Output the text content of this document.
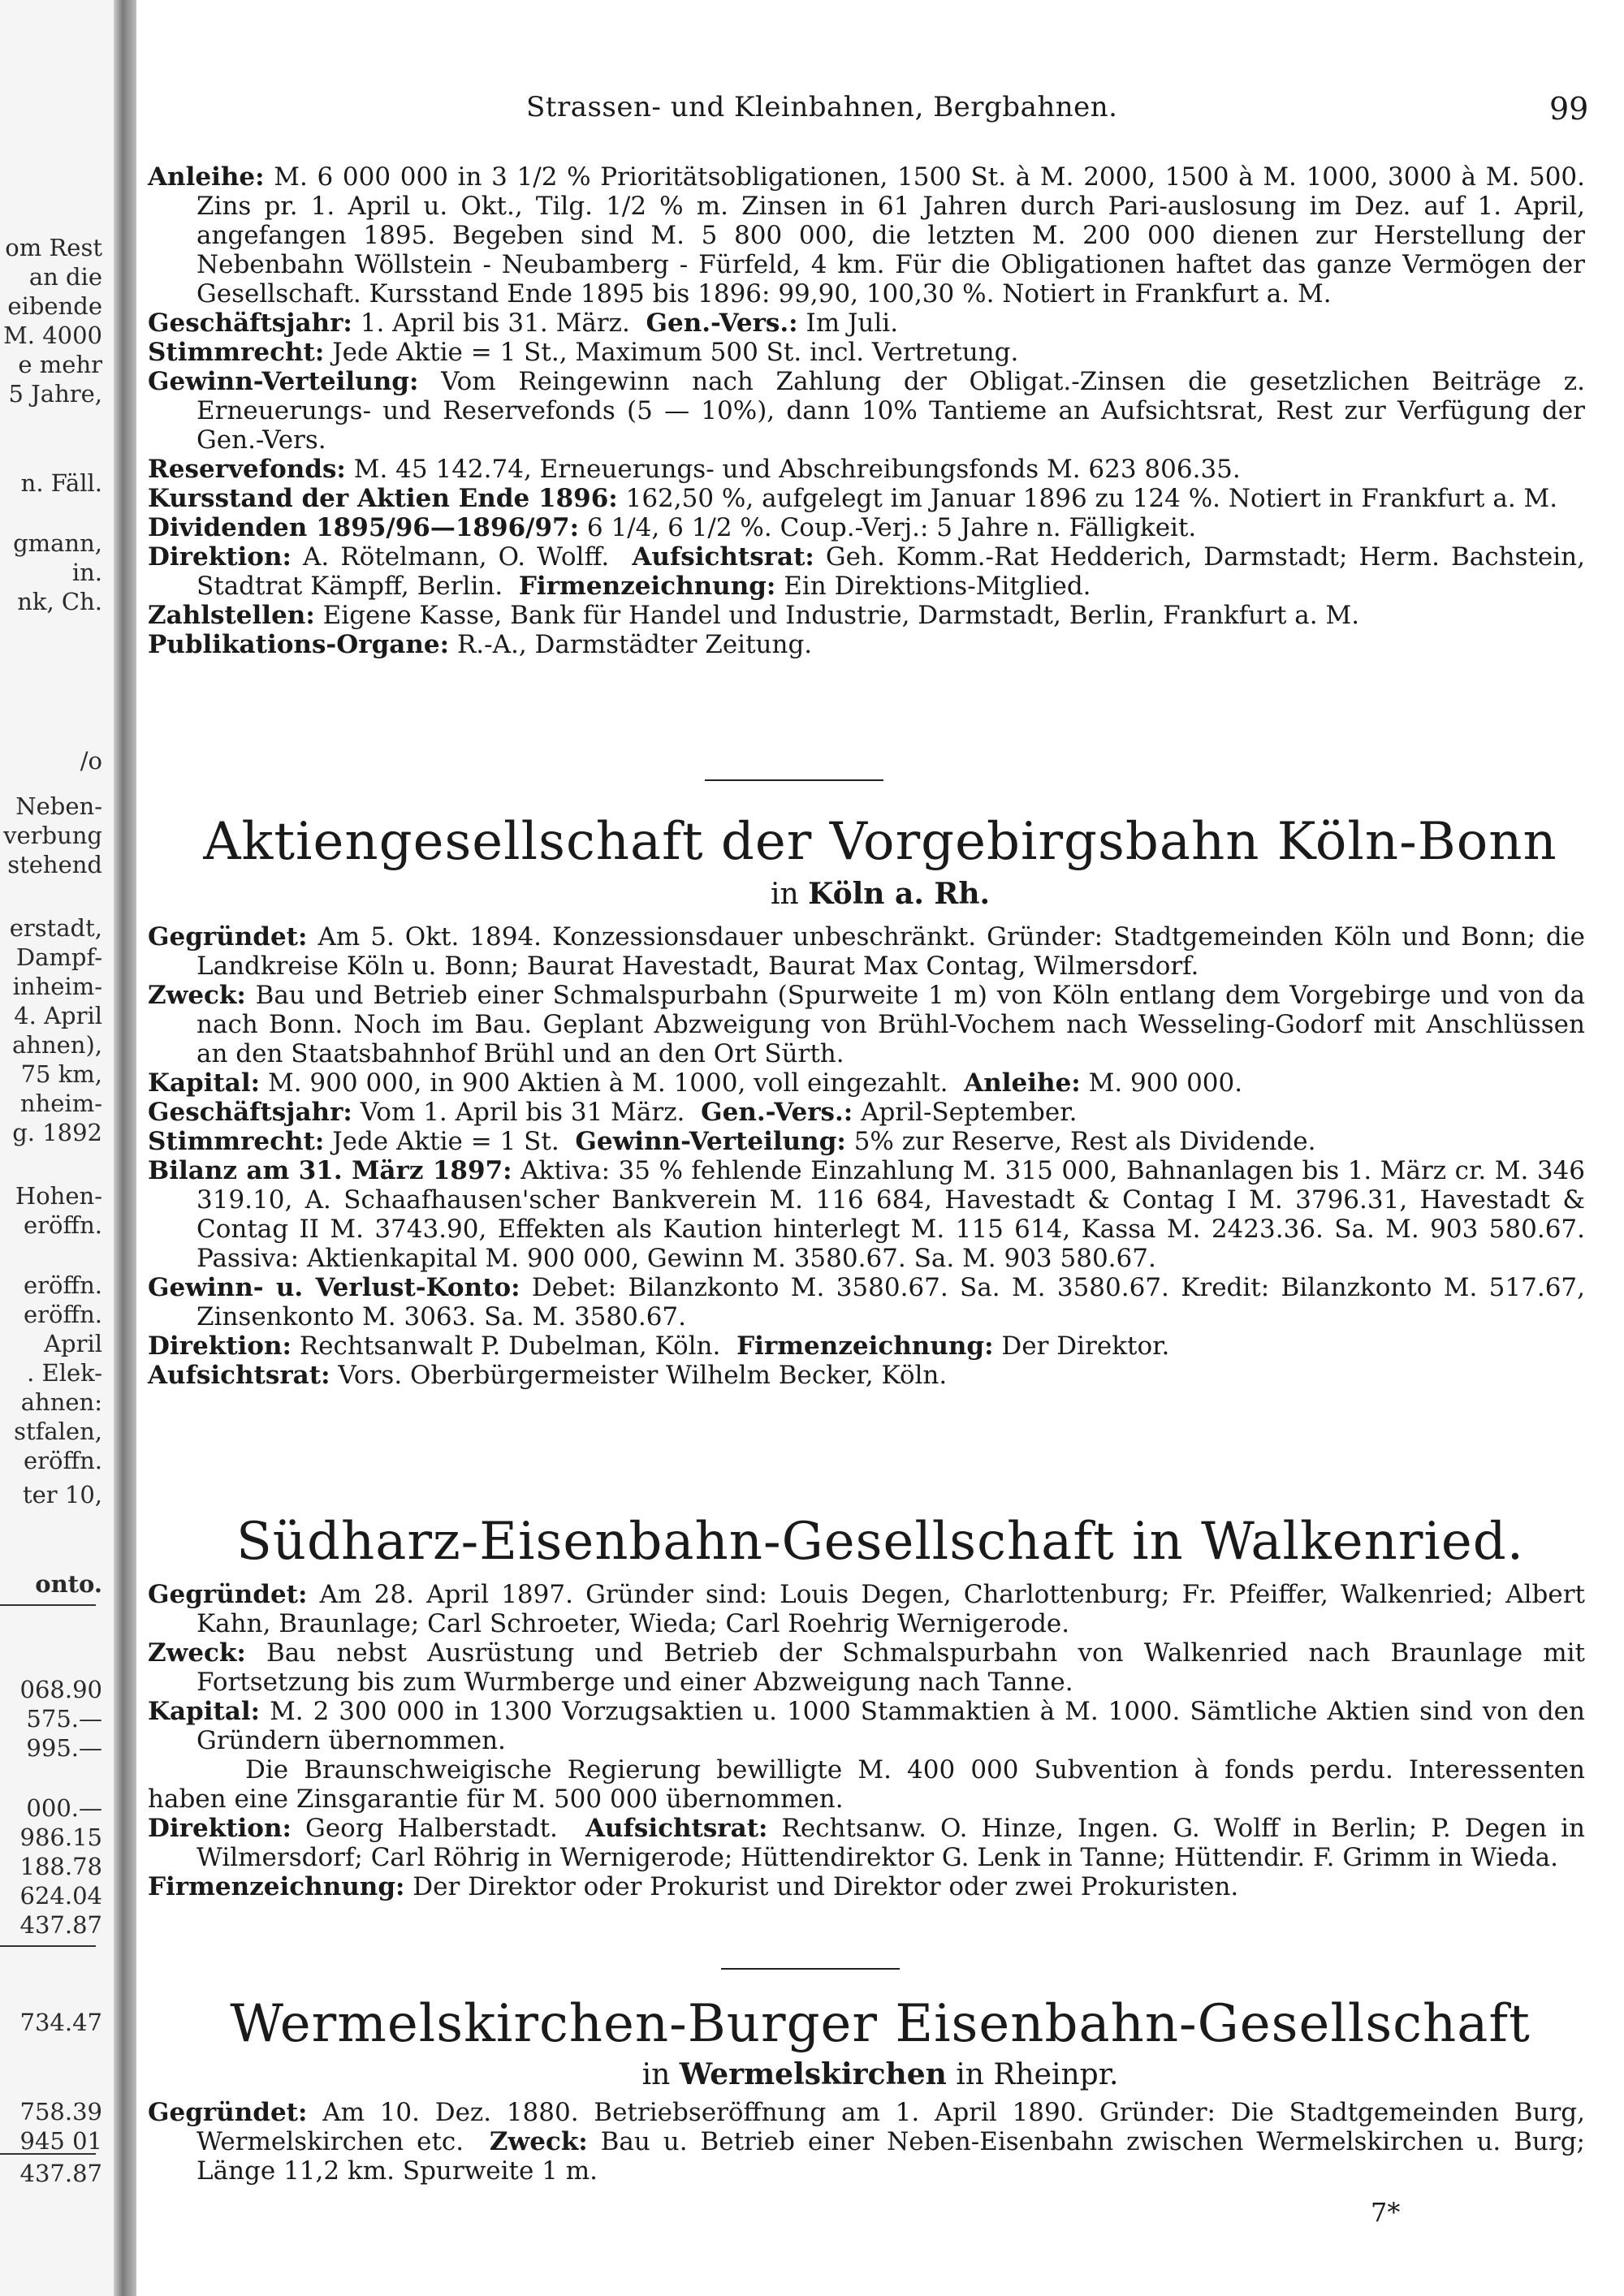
om Rest
an die
eibende
M. 4000
e mehr
5 Jahre,
n. Fäll.
gmann,
in.
nk, Ch.
/o
Neben-
verbung
stehend
erstadt,
Dampf-
inheim-
4. April
ahnen),
75 km,
nheim-
g. 1892
Hohen-
eröffn.
eröffn.
eröffn.
April
. Elek-
ahnen:
stfalen,
eröffn.
ter 10,
onto.
068.90
575.—
995.—
000.—
986.15
188.78
624.04
437.87
734.47
758.39
945 01
437.87
Strassen- und Kleinbahnen, Bergbahnen.	99

Anleihe: M. 6 000 000 in 3 1/2 % Prioritätsobligationen, 1500 St. à M. 2000, 1500 à M. 1000, 3000 à M. 500. Zins pr. 1. April u. Okt., Tilg. 1/2 % m. Zinsen in 61 Jahren durch Pari-auslosung im Dez. auf 1. April, angefangen 1895. Begeben sind M. 5 800 000, die letzten M. 200 000 dienen zur Herstellung der Nebenbahn Wöllstein - Neubamberg - Fürfeld, 4 km. Für die Obligationen haftet das ganze Vermögen der Gesellschaft. Kursstand Ende 1895 bis 1896: 99,90, 100,30 %. Notiert in Frankfurt a. M.

Geschäftsjahr: 1. April bis 31. März. Gen.-Vers.: Im Juli.

Stimmrecht: Jede Aktie = 1 St., Maximum 500 St. incl. Vertretung.

Gewinn-Verteilung: Vom Reingewinn nach Zahlung der Obligat.-Zinsen die gesetzlichen Beiträge z. Erneuerungs- und Reservefonds (5 — 10%), dann 10% Tantieme an Aufsichtsrat, Rest zur Verfügung der Gen.-Vers.

Reservefonds: M. 45 142.74, Erneuerungs- und Abschreibungsfonds M. 623 806.35.

Kursstand der Aktien Ende 1896: 162,50 %, aufgelegt im Januar 1896 zu 124 %. Notiert in Frankfurt a. M.

Dividenden 1895/96—1896/97: 6 1/4, 6 1/2 %. Coup.-Verj.: 5 Jahre n. Fälligkeit.

Direktion: A. Rötelmann, O. Wolff. Aufsichtsrat: Geh. Komm.-Rat Hedderich, Darmstadt; Herm. Bachstein, Stadtrat Kämpff, Berlin. Firmenzeichnung: Ein Direktions-Mitglied.

Zahlstellen: Eigene Kasse, Bank für Handel und Industrie, Darmstadt, Berlin, Frankfurt a. M.

Publikations-Organe: R.-A., Darmstädter Zeitung.

Aktiengesellschaft der Vorgebirgsbahn Köln-Bonn
in Köln a. Rh.

Gegründet: Am 5. Okt. 1894. Konzessionsdauer unbeschränkt. Gründer: Stadtgemeinden Köln und Bonn; die Landkreise Köln u. Bonn; Baurat Havestadt, Baurat Max Contag, Wilmersdorf.

Zweck: Bau und Betrieb einer Schmalspurbahn (Spurweite 1 m) von Köln entlang dem Vorgebirge und von da nach Bonn. Noch im Bau. Geplant Abzweigung von Brühl-Vochem nach Wesseling-Godorf mit Anschlüssen an den Staatsbahnhof Brühl und an den Ort Sürth.

Kapital: M. 900 000, in 900 Aktien à M. 1000, voll eingezahlt. Anleihe: M. 900 000.

Geschäftsjahr: Vom 1. April bis 31 März. Gen.-Vers.: April-September.

Stimmrecht: Jede Aktie = 1 St. Gewinn-Verteilung: 5% zur Reserve, Rest als Dividende.

Bilanz am 31. März 1897: Aktiva: 35 % fehlende Einzahlung M. 315 000, Bahnanlagen bis 1. März cr. M. 346 319.10, A. Schaafhausen'scher Bankverein M. 116 684, Havestadt & Contag I M. 3796.31, Havestadt & Contag II M. 3743.90, Effekten als Kaution hinterlegt M. 115 614, Kassa M. 2423.36. Sa. M. 903 580.67. Passiva: Aktienkapital M. 900 000, Gewinn M. 3580.67. Sa. M. 903 580.67.

Gewinn- u. Verlust-Konto: Debet: Bilanzkonto M. 3580.67. Sa. M. 3580.67. Kredit: Bilanzkonto M. 517.67, Zinsenkonto M. 3063. Sa. M. 3580.67.

Direktion: Rechtsanwalt P. Dubelman, Köln. Firmenzeichnung: Der Direktor.

Aufsichtsrat: Vors. Oberbürgermeister Wilhelm Becker, Köln.

Südharz-Eisenbahn-Gesellschaft in Walkenried.

Gegründet: Am 28. April 1897. Gründer sind: Louis Degen, Charlottenburg; Fr. Pfeiffer, Walkenried; Albert Kahn, Braunlage; Carl Schroeter, Wieda; Carl Roehrig Wernigerode.

Zweck: Bau nebst Ausrüstung und Betrieb der Schmalspurbahn von Walkenried nach Braunlage mit Fortsetzung bis zum Wurmberge und einer Abzweigung nach Tanne.

Kapital: M. 2 300 000 in 1300 Vorzugsaktien u. 1000 Stammaktien à M. 1000. Sämtliche Aktien sind von den Gründern übernommen.

Die Braunschweigische Regierung bewilligte M. 400 000 Subvention à fonds perdu. Interessenten haben eine Zinsgarantie für M. 500 000 übernommen.

Direktion: Georg Halberstadt. Aufsichtsrat: Rechtsanw. O. Hinze, Ingen. G. Wolff in Berlin; P. Degen in Wilmersdorf; Carl Röhrig in Wernigerode; Hüttendirektor G. Lenk in Tanne; Hüttendir. F. Grimm in Wieda.

Firmenzeichnung: Der Direktor oder Prokurist und Direktor oder zwei Prokuristen.

Wermelskirchen-Burger Eisenbahn-Gesellschaft
in Wermelskirchen in Rheinpr.

Gegründet: Am 10. Dez. 1880. Betriebseröffnung am 1. April 1890. Gründer: Die Stadtgemeinden Burg, Wermelskirchen etc. Zweck: Bau u. Betrieb einer Neben-Eisenbahn zwischen Wermelskirchen u. Burg; Länge 11,2 km. Spurweite 1 m.

7*
